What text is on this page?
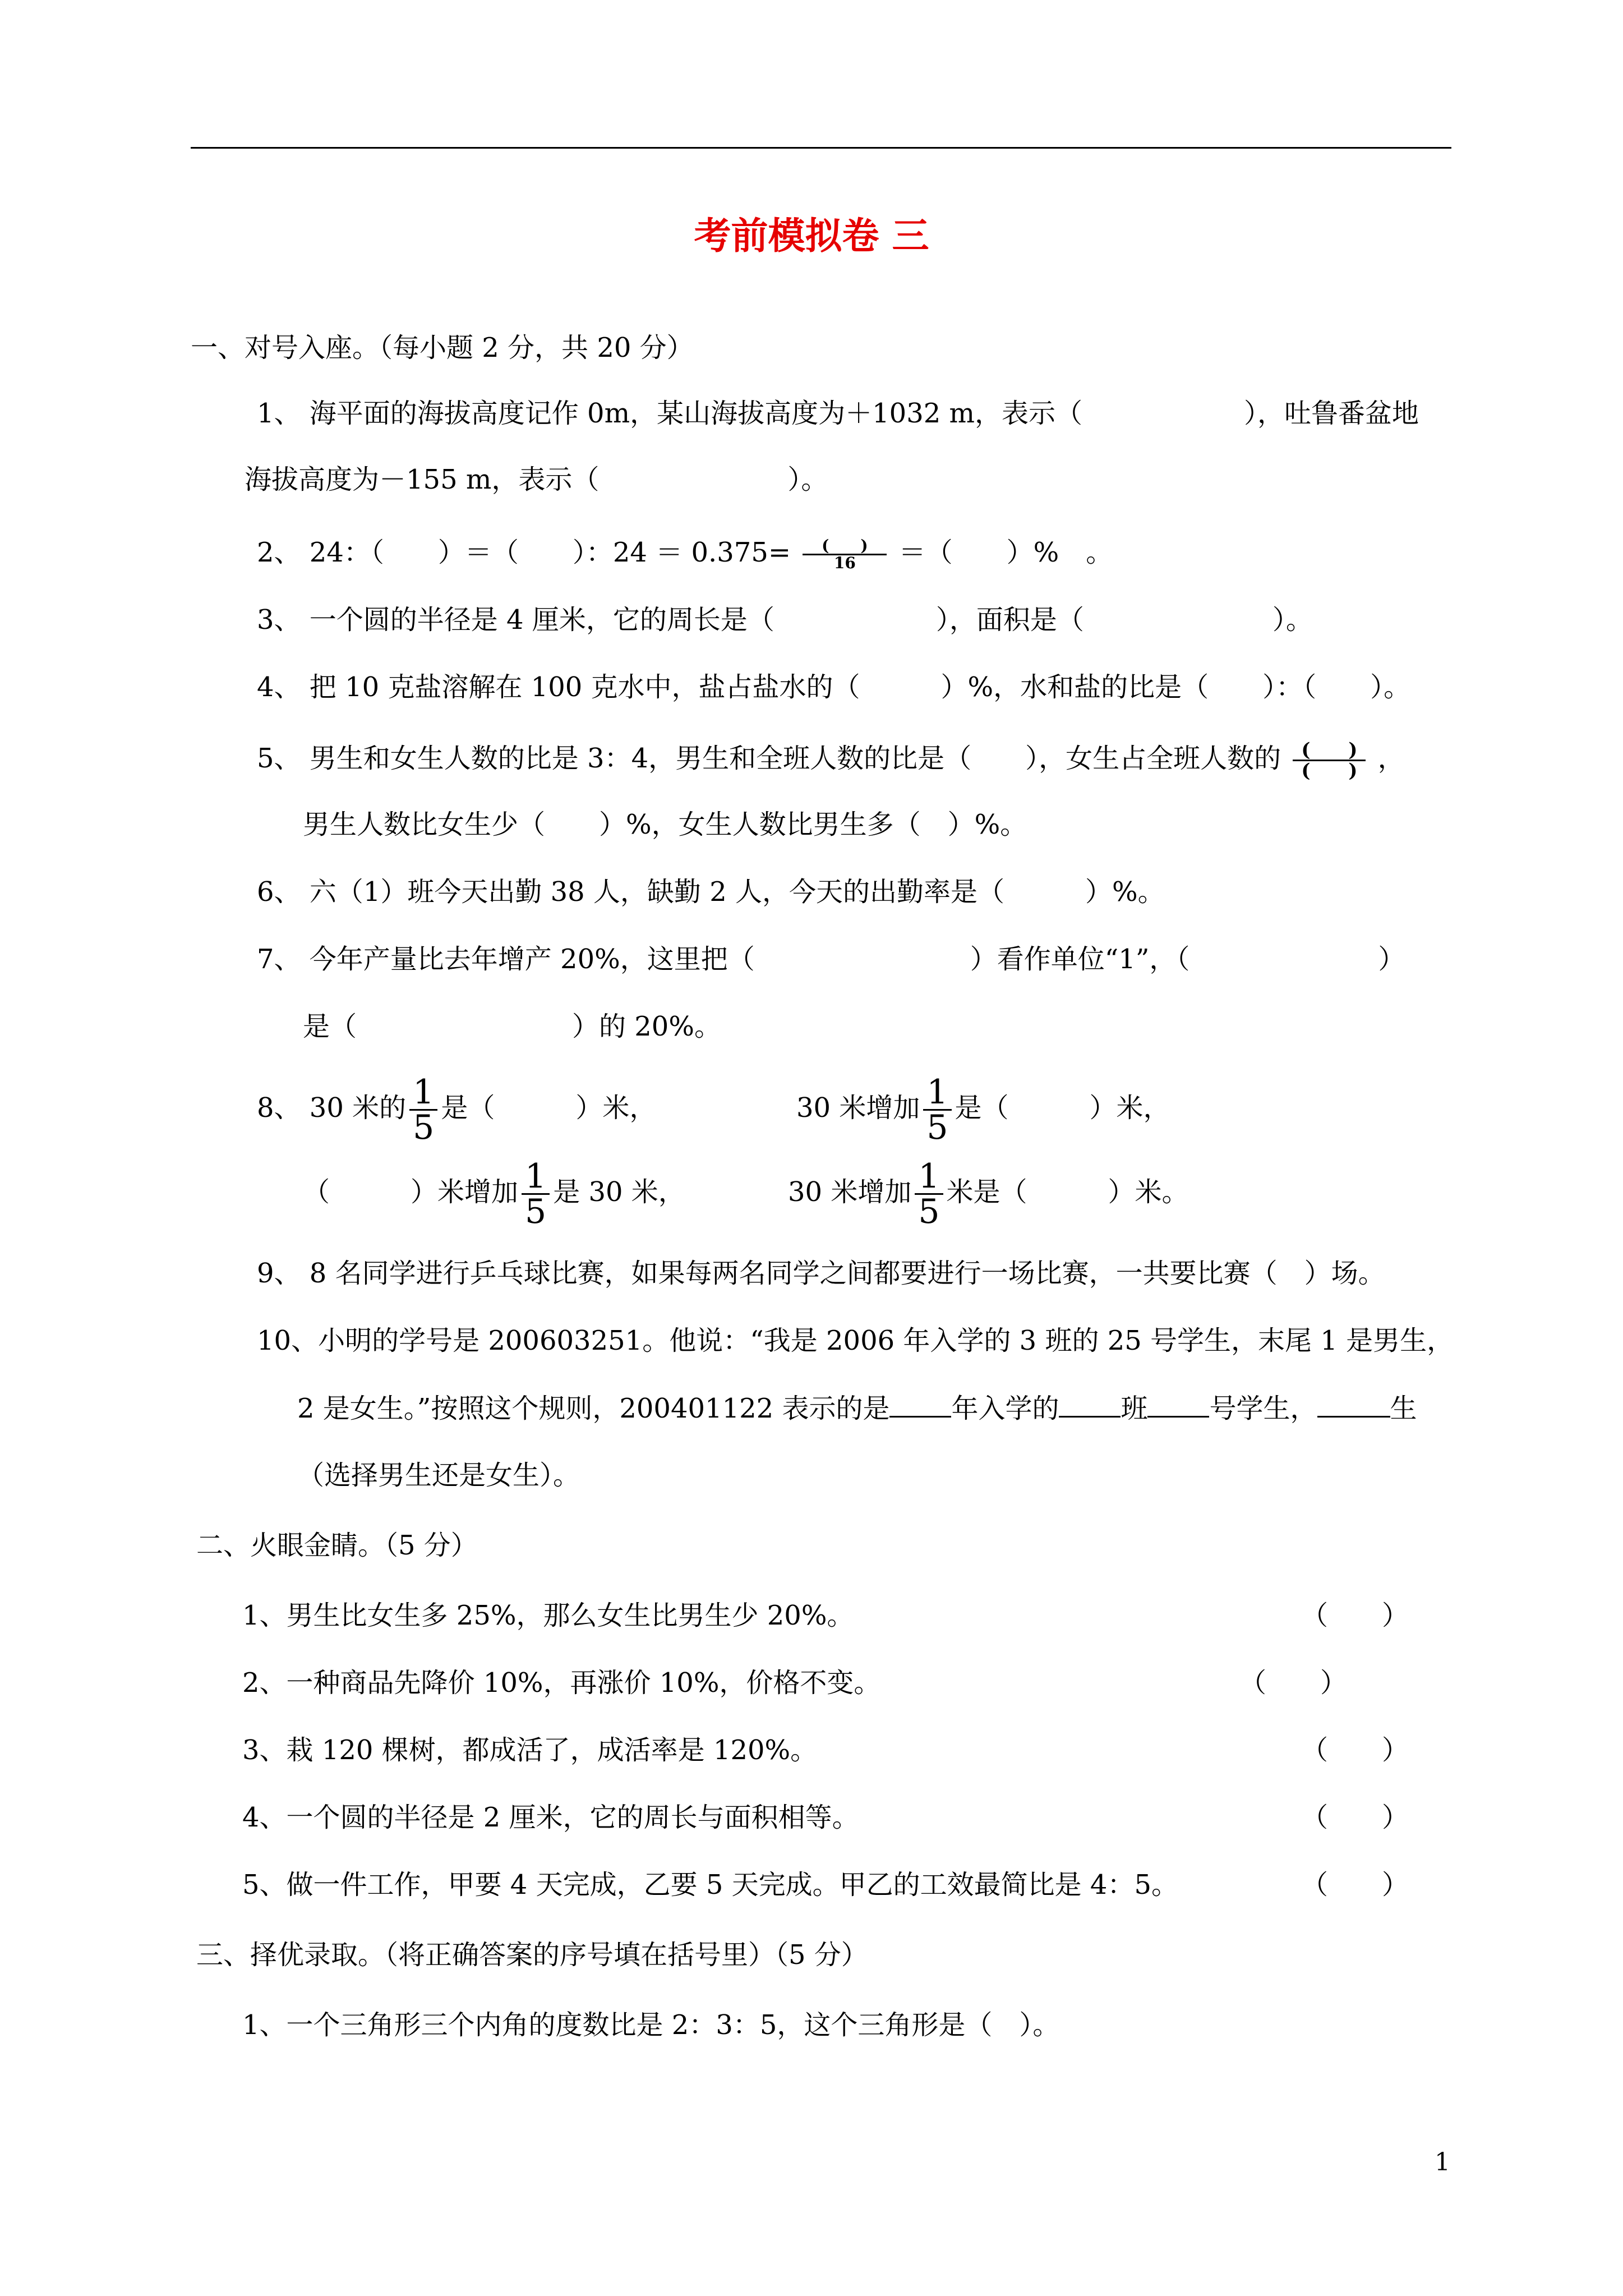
考前模拟卷 三
一、对号入座。（每小题 2 分，共 20 分）
1、 海平面的海拔高度记作 0m，某山海拔高度为＋1032 m，表示（　　　　　　），吐鲁番盆地
海拔高度为－155 m，表示（　　　　　　　）。
2、 24：（　　）＝（　　）：$24 = 0.375= \frac{( )}{16}$ ＝（　　）%　。
3、 一个圆的半径是 4 厘米，它的周长是（　　　　　　），面积是（　　　　　　　）。
4、 把 10 克盐溶解在 100 克水中，盐占盐水的（　　　）%，水和盐的比是（　　）：（　　）。
5、 男生和女生人数的比是 3：4，男生和全班人数的比是（　　），女生占全班人数的 $\frac{( )}{( )}$ ，
男生人数比女生少（　　）%，女生人数比男生多（　）%。
6、 六（1）班今天出勤 38 人，缺勤 2 人，今天的出勤率是（　　　）%。
7、 今年产量比去年增产 20%，这里把（　　　　　　　　）看作单位“1”，（　　　　　　　）
是（　　　　　　　　）的 20%。
8、 30 米的 $\frac{1}{5}$ 是（　　　）米，	30 米增加 $\frac{1}{5}$ 是（　　　）米，
（　　　）米增加 $\frac{1}{5}$ 是 30 米，	30 米增加 $\frac{1}{5}$ 米是（　　　）米。
9、 8 名同学进行乒乓球比赛，如果每两名同学之间都要进行一场比赛，一共要比赛（　）场。
10、小明的学号是 200603251。他说：“我是 2006 年入学的 3 班的 25 号学生，末尾 1 是男生，
2 是女生。”按照这个规则，200401122 表示的是 年入学的 班 号学生，	生
（选择男生还是女生）。
二、火眼金睛。（5 分）
1、男生比女生多 25%，那么女生比男生少 20%。	（　　）
2、一种商品先降价 10%，再涨价 10%，价格不变。	（　　）
3、栽 120 棵树，都成活了，成活率是 120%。	（　　）
4、一个圆的半径是 2 厘米，它的周长与面积相等。	（　　）
5、做一件工作，甲要 4 天完成，乙要 5 天完成。甲乙的工效最简比是 4：5。	（　　）
三、择优录取。（将正确答案的序号填在括号里）（5 分）
1、一个三角形三个内角的度数比是 2：3：5，这个三角形是（　）。
1
